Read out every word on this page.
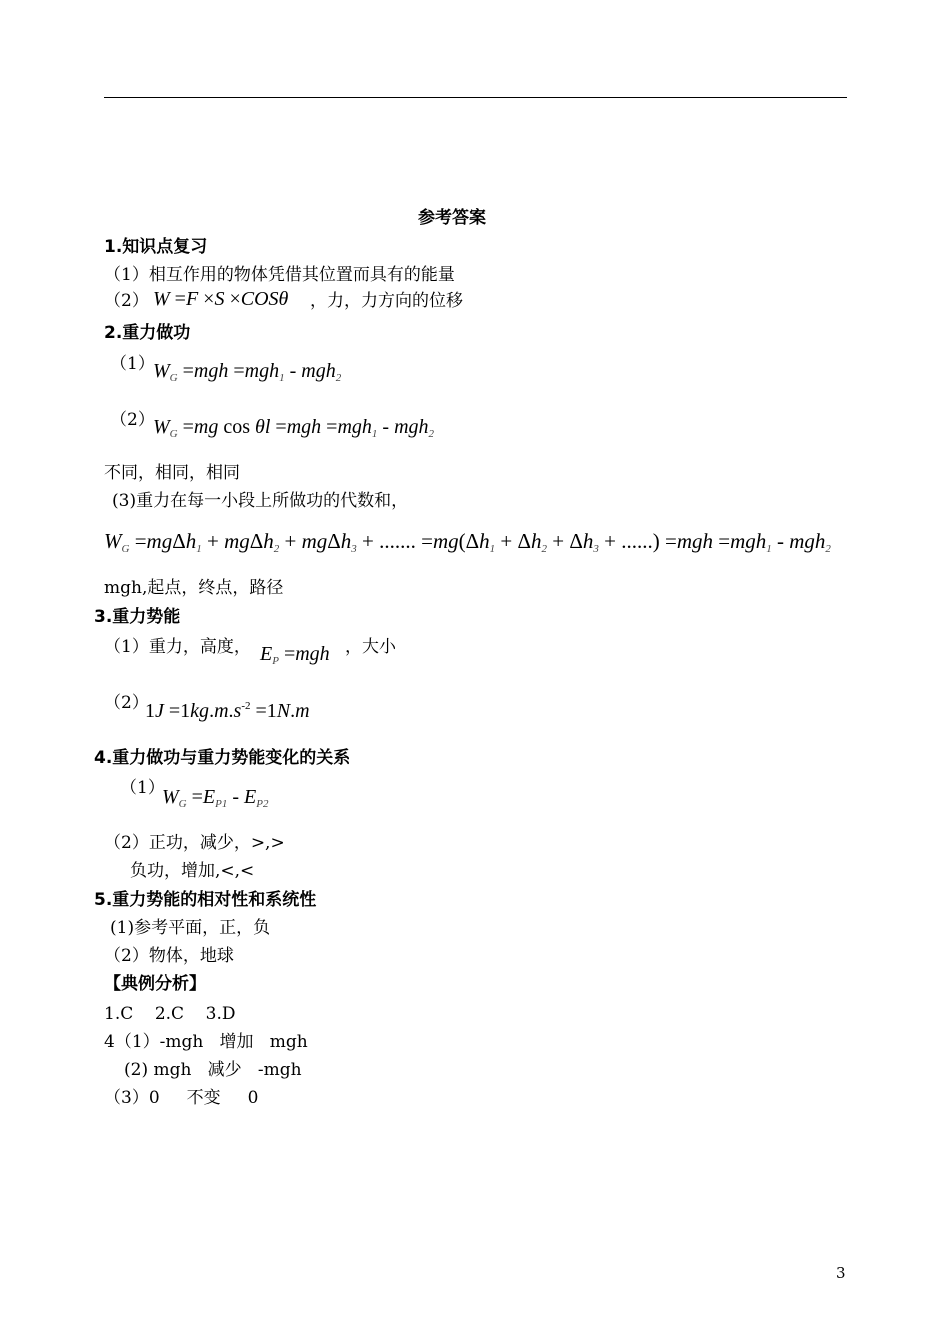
参考答案
1.知识点复习
（1）相互作用的物体凭借其位置而具有的能量
（2） W =F ×S ×COSθ ，力，力方向的位移
2.重力做功
（1）
$W_G =mgh =mgh_1 - mgh_2$
（2）
$W_G =mg$ cos θl =mgh =mgh$_1$ - mgh$_2$
不同，相同，相同
(3)重力在每一小段上所做功的代数和，
$W_G =mg\Delta h_1 + mg\Delta h_2 + mg\Delta h_3$ + ....... $=mg(\Delta h_1 + \Delta h_2 + \Delta h_3$ + ......) =mgh =mgh$_1$ - mgh$_2$
mgh,起点，终点，路径
3.重力势能
（1）重力，高度， $E_P =mgh$ ，大小
（2）
$1J =1kg.m.s^{-2} =1N.m$
4.重力做功与重力势能变化的关系
（1）
$W_G =E_{P1} - E_{P2}$
（2）正功，减少，>,>
负功，增加,<,<
5.重力势能的相对性和系统性
(1)参考平面，正，负
（2）物体，地球
【典例分析】
1.C    2.C    3.D
4（1）-mgh   增加   mgh
(2) mgh   减少   -mgh
（3）0     不变     0
3
